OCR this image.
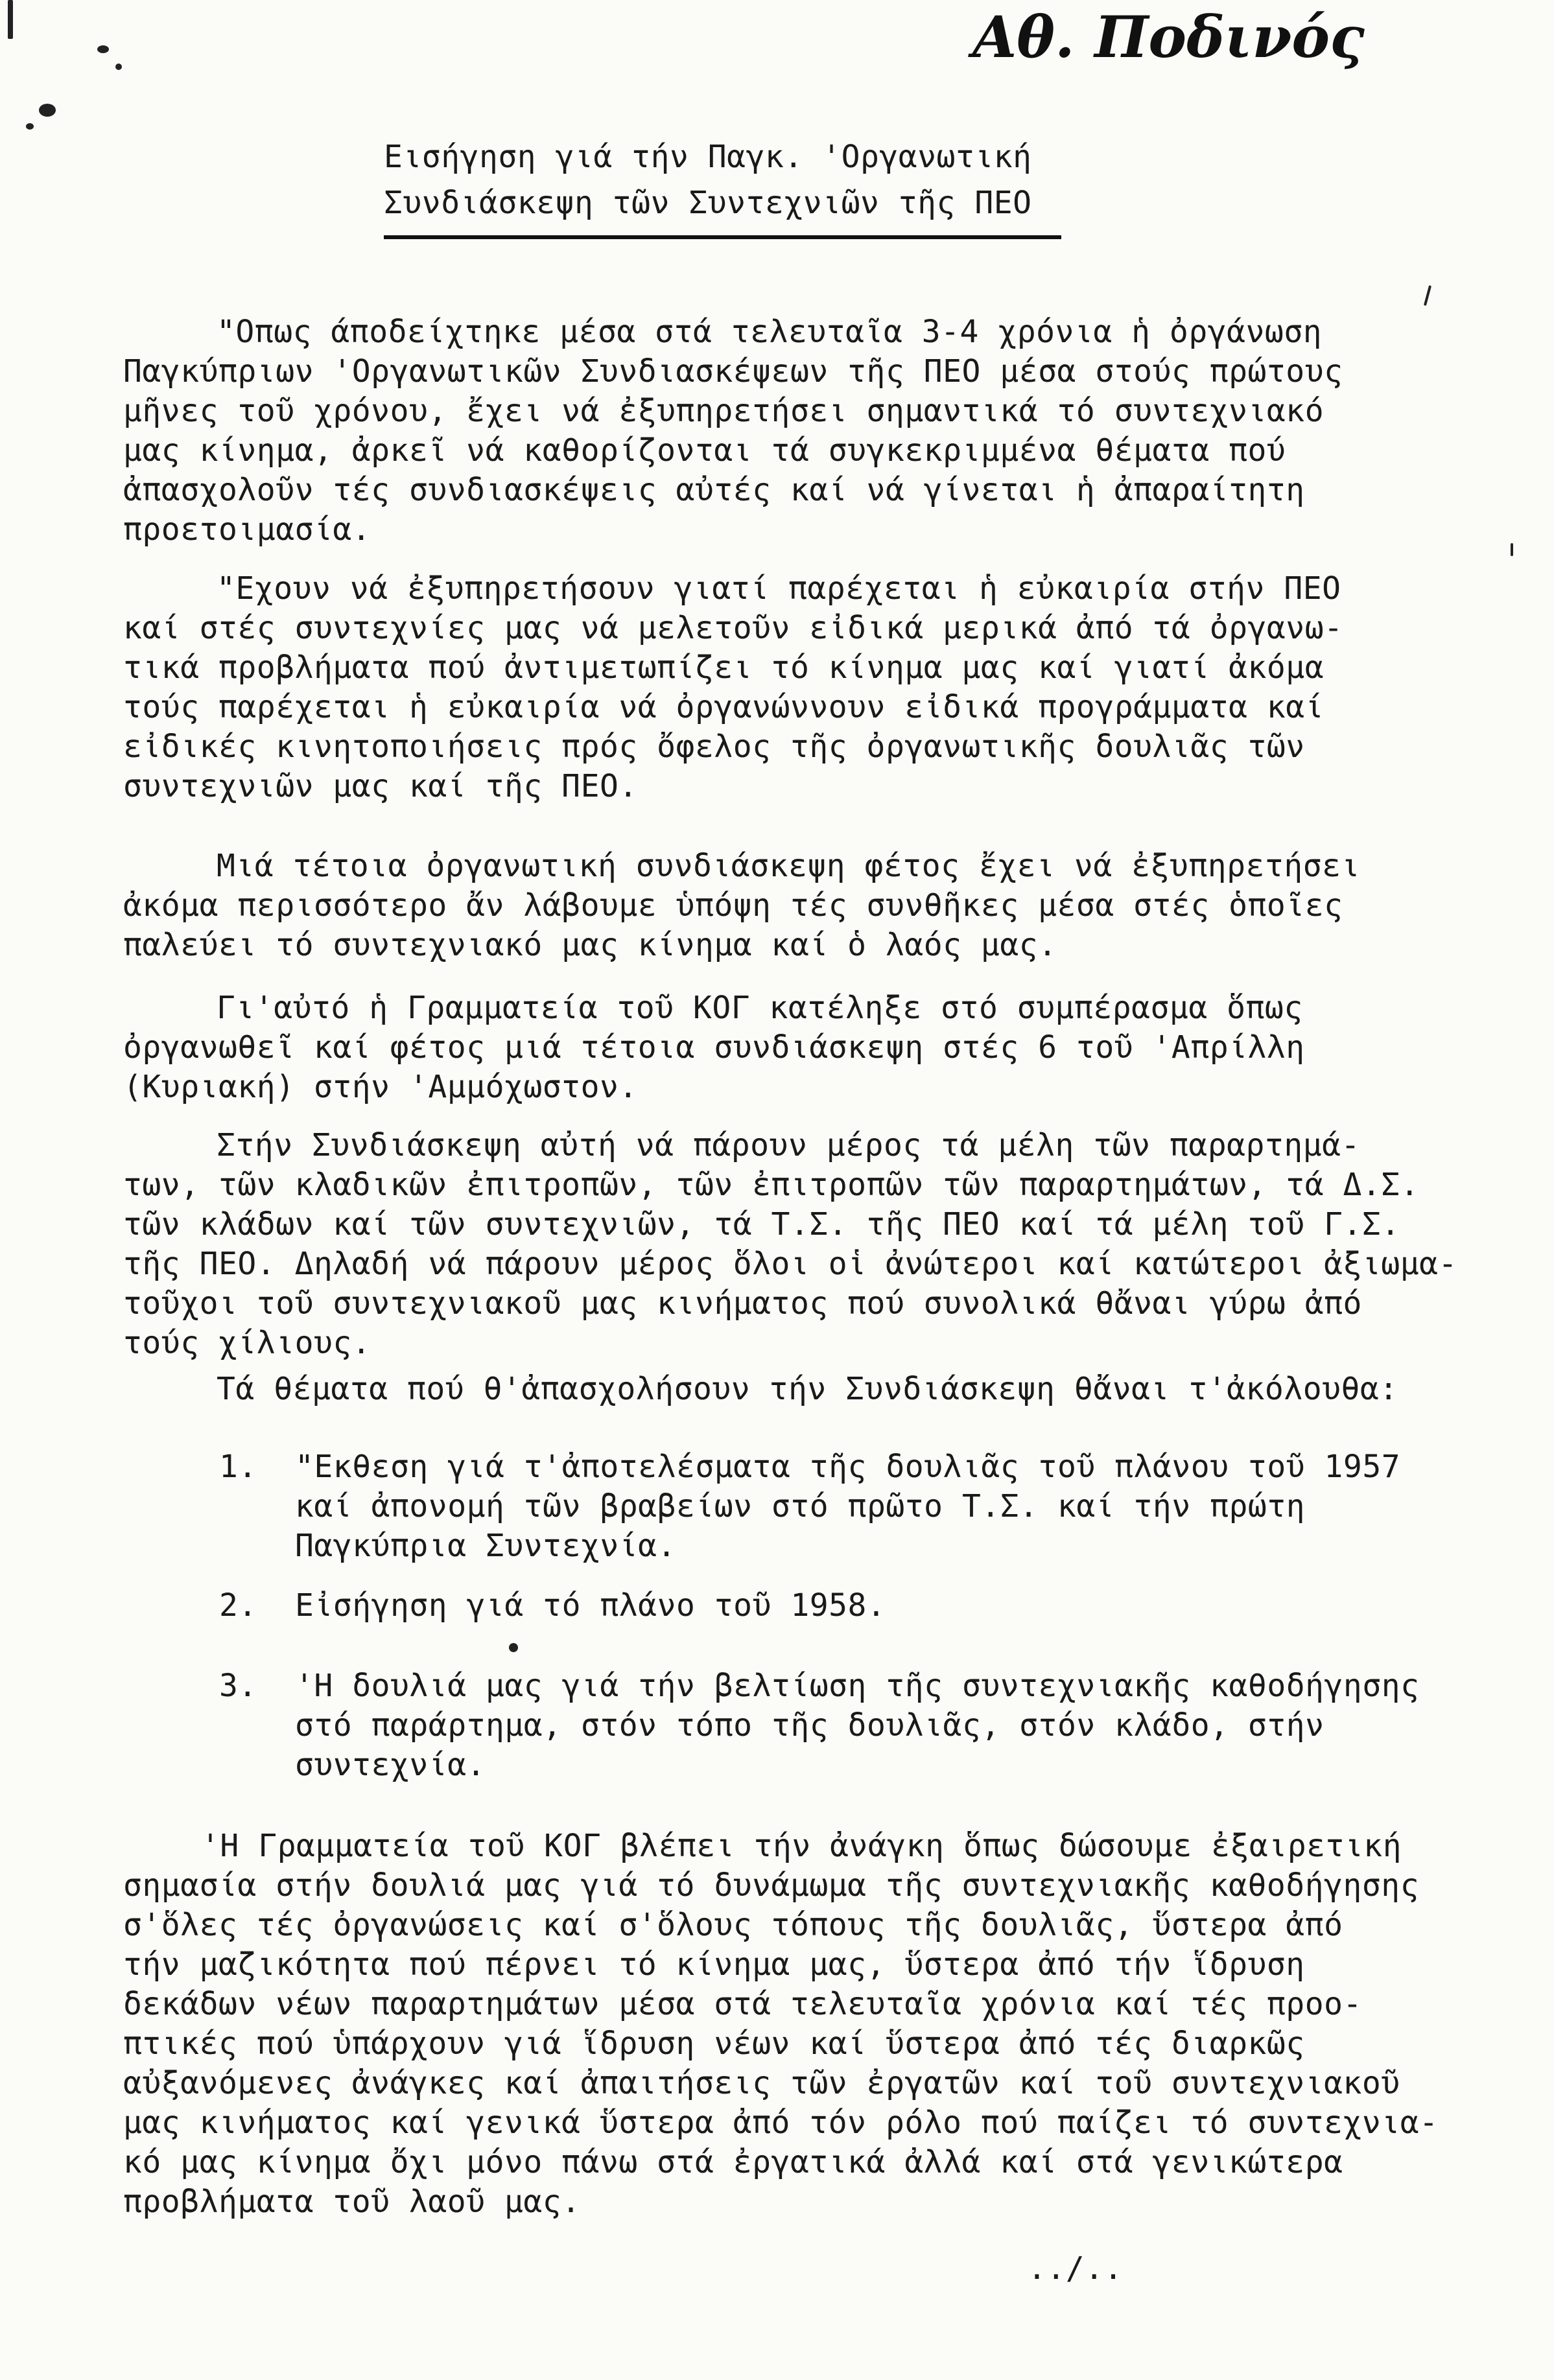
Αθ. Ποδινός
Εισήγηση γιά τήν Παγκ. 'Οργανωτική
Συνδιάσκεψη τῶν Συντεχνιῶν τῆς ΠΕΟ
"Οπως άποδείχτηκε μέσα στά τελευταῖα 3-4 χρόνια ἡ ὀργάνωση
Παγκύπριων 'Οργανωτικῶν Συνδιασκέψεων τῆς ΠΕΟ μέσα στούς πρώτους
μῆνες τοῦ χρόνου, ἔχει νά ἐξυπηρετήσει σημαντικά τό συντεχνιακό
μας κίνημα, ἀρκεῖ νά καθορίζονται τά συγκεκριμμένα θέματα πού
ἀπασχολοῦν τές συνδιασκέψεις αὐτές καί νά γίνεται ἡ ἀπαραίτητη
προετοιμασία.
"Εχουν νά ἐξυπηρετήσουν γιατί παρέχεται ἡ εὐκαιρία στήν ΠΕΟ
καί στές συντεχνίες μας νά μελετοῦν εἰδικά μερικά ἀπό τά ὀργανω-
τικά προβλήματα πού ἀντιμετωπίζει τό κίνημα μας καί γιατί ἀκόμα
τούς παρέχεται ἡ εὐκαιρία νά ὀργανώννουν εἰδικά πρoγράμματα καί
εἰδικές κινητοποιήσεις πρός ὄφελος τῆς ὀργανωτικῆς δουλιᾶς τῶν
συντεχνιῶν μας καί τῆς ΠΕΟ.
Μιά τέτοια ὀργανωτική συνδιάσκεψη φέτος ἔχει νά ἐξυπηρετήσει
ἀκόμα περισσότερο ἄν λάβουμε ὑπόψη τές συνθῆκες μέσα στές ὁποῖες
παλεύει τό συντεχνιακό μας κίνημα καί ὁ λαός μας.
Γι'αὐτό ἡ Γραμματεία τοῦ ΚΟΓ κατέληξε στό συμπέρασμα ὅπως
ὀργανωθεῖ καί φέτος μιά τέτοια συνδιάσκεψη στές 6 τοῦ 'Απρίλλη
(Κυριακή) στήν 'Αμμόχωστον.
Στήν Συνδιάσκεψη αὐτή νά πάρουν μέρος τά μέλη τῶν παραρτημά-
των, τῶν κλαδικῶν ἐπιτροπῶν, τῶν ἐπιτροπῶν τῶν παραρτημάτων, τά Δ.Σ.
τῶν κλάδων καί τῶν συντεχνιῶν, τά Τ.Σ. τῆς ΠΕΟ καί τά μέλη τοῦ Γ.Σ.
τῆς ΠΕΟ. Δηλαδή νά πάρουν μέρος ὅλοι οἱ ἀνώτεροι καί κατώτεροι ἀξιωμα-
τοῦχοι τοῦ συντεχνιακοῦ μας κινήματος πού συνολικά θἄναι γύρω ἀπό
τούς χίλιους.
Τά θέματα πού θ'ἀπασχολήσουν τήν Συνδιάσκεψη θἄναι τ'ἀκόλουθα:
1. "Εκθεση γιά τ'ἀποτελέσματα τῆς δουλιᾶς τοῦ πλάνου τοῦ 1957
καί ἀπονομή τῶν βραβείων στό πρῶτο Τ.Σ. καί τήν πρώτη
Παγκύπρια Συντεχνία.
2. Εἰσήγηση γιά τό πλάνο τοῦ 1958.
3. 'Η δουλιά μας γιά τήν βελτίωση τῆς συντεχνιακῆς καθοδήγησης
στό παράρτημα, στόν τόπο τῆς δουλιᾶς, στόν κλάδο, στήν
συντεχνία.
'Η Γραμματεία τοῦ ΚΟΓ βλέπει τήν ἀνάγκη ὅπως δώσουμε ἐξαιρετική
σημασία στήν δουλιά μας γιά τό δυνάμωμα τῆς συντεχνιακῆς καθοδήγησης
σ'ὅλες τές ὀργανώσεις καί σ'ὅλους τόπους τῆς δουλιᾶς, ὕστερα ἀπό
τήν μαζικότητα πού πέρνει τό κίνημα μας, ὕστερα ἀπό τήν ἵδρυση
δεκάδων νέων παραρτημάτων μέσα στά τελευταῖα χρόνια καί τές προο-
πτικές πού ὑπάρχουν γιά ἵδρυση νέων καί ὕστερα ἀπό τές διαρκῶς
αὐξανόμενες ἀνάγκες καί ἀπαιτήσεις τῶν ἐργατῶν καί τοῦ συντεχνιακοῦ
μας κινήματος καί γενικά ὕστερα ἀπό τόν ρόλο πού παίζει τό συντεχνια-
κό μας κίνημα ὄχι μόνο πάνω στά ἐργατικά ἀλλά καί στά γενικώτερα
προβλήματα τοῦ λαοῦ μας.
../..
